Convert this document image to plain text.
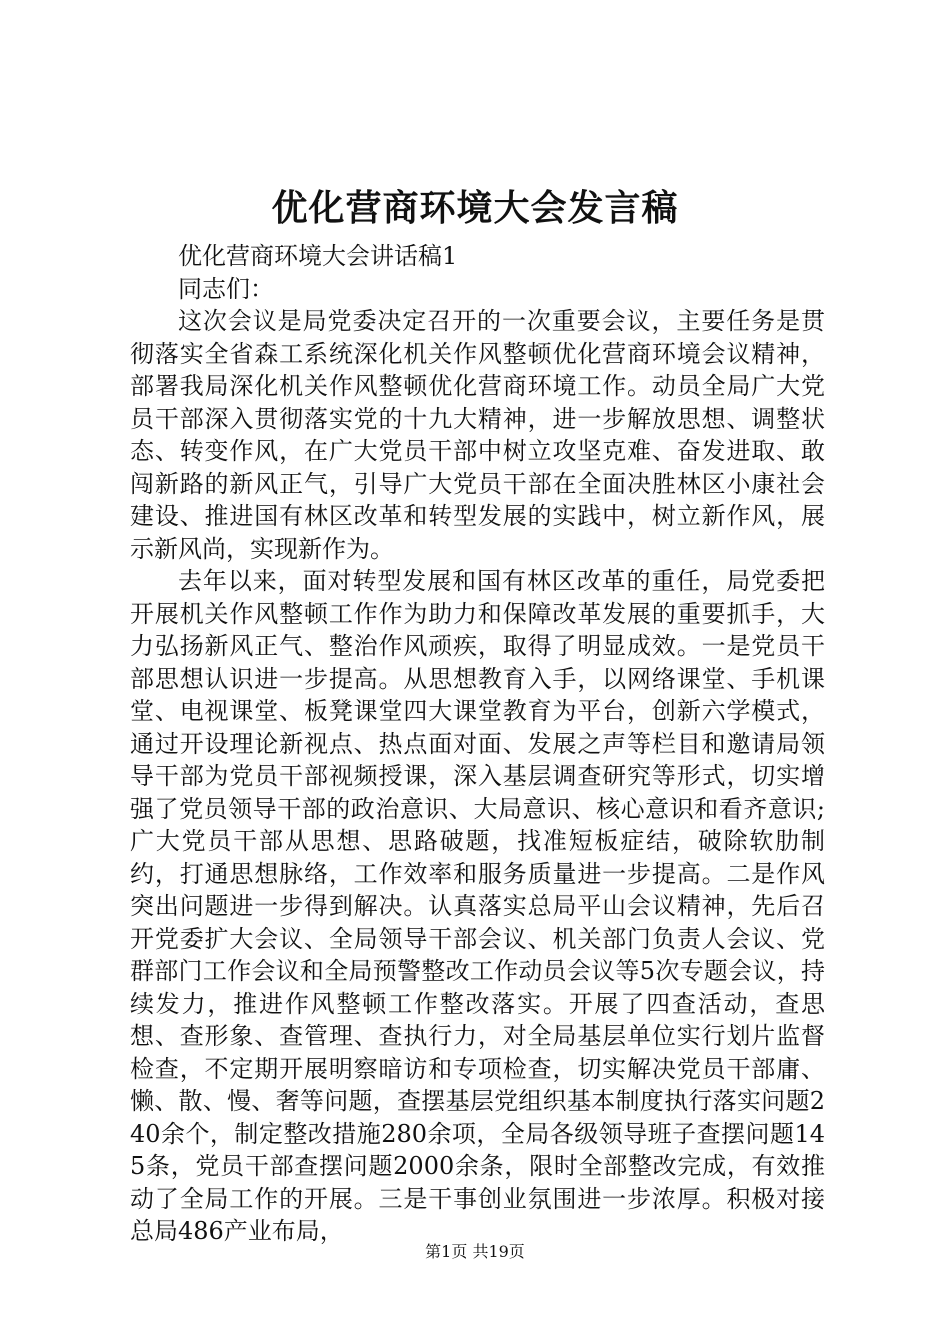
优化营商环境大会发言稿

优化营商环境大会讲话稿1

同志们：

这次会议是局党委决定召开的一次重要会议，主要任务是贯彻落实全省森工系统深化机关作风整顿优化营商环境会议精神，部署我局深化机关作风整顿优化营商环境工作。动员全局广大党员干部深入贯彻落实党的十九大精神，进一步解放思想、调整状态、转变作风，在广大党员干部中树立攻坚克难、奋发进取、敢闯新路的新风正气，引导广大党员干部在全面决胜林区小康社会建设、推进国有林区改革和转型发展的实践中，树立新作风，展示新风尚，实现新作为。

去年以来，面对转型发展和国有林区改革的重任，局党委把开展机关作风整顿工作作为助力和保障改革发展的重要抓手，大力弘扬新风正气、整治作风顽疾，取得了明显成效。一是党员干部思想认识进一步提高。从思想教育入手，以网络课堂、手机课堂、电视课堂、板凳课堂四大课堂教育为平台，创新六学模式，通过开设理论新视点、热点面对面、发展之声等栏目和邀请局领导干部为党员干部视频授课，深入基层调查研究等形式，切实增强了党员领导干部的政治意识、大局意识、核心意识和看齐意识;广大党员干部从思想、思路破题，找准短板症结，破除软肋制约，打通思想脉络，工作效率和服务质量进一步提高。二是作风突出问题进一步得到解决。认真落实总局平山会议精神，先后召开党委扩大会议、全局领导干部会议、机关部门负责人会议、党群部门工作会议和全局预警整改工作动员会议等5次专题会议，持续发力，推进作风整顿工作整改落实。开展了四查活动，查思想、查形象、查管理、查执行力，对全局基层单位实行划片监督检查，不定期开展明察暗访和专项检查，切实解决党员干部庸、懒、散、慢、奢等问题，查摆基层党组织基本制度执行落实问题240余个，制定整改措施280余项，全局各级领导班子查摆问题145条，党员干部查摆问题2000余条，限时全部整改完成，有效推动了全局工作的开展。三是干事创业氛围进一步浓厚。积极对接总局486产业布局，

第1页 共19页
